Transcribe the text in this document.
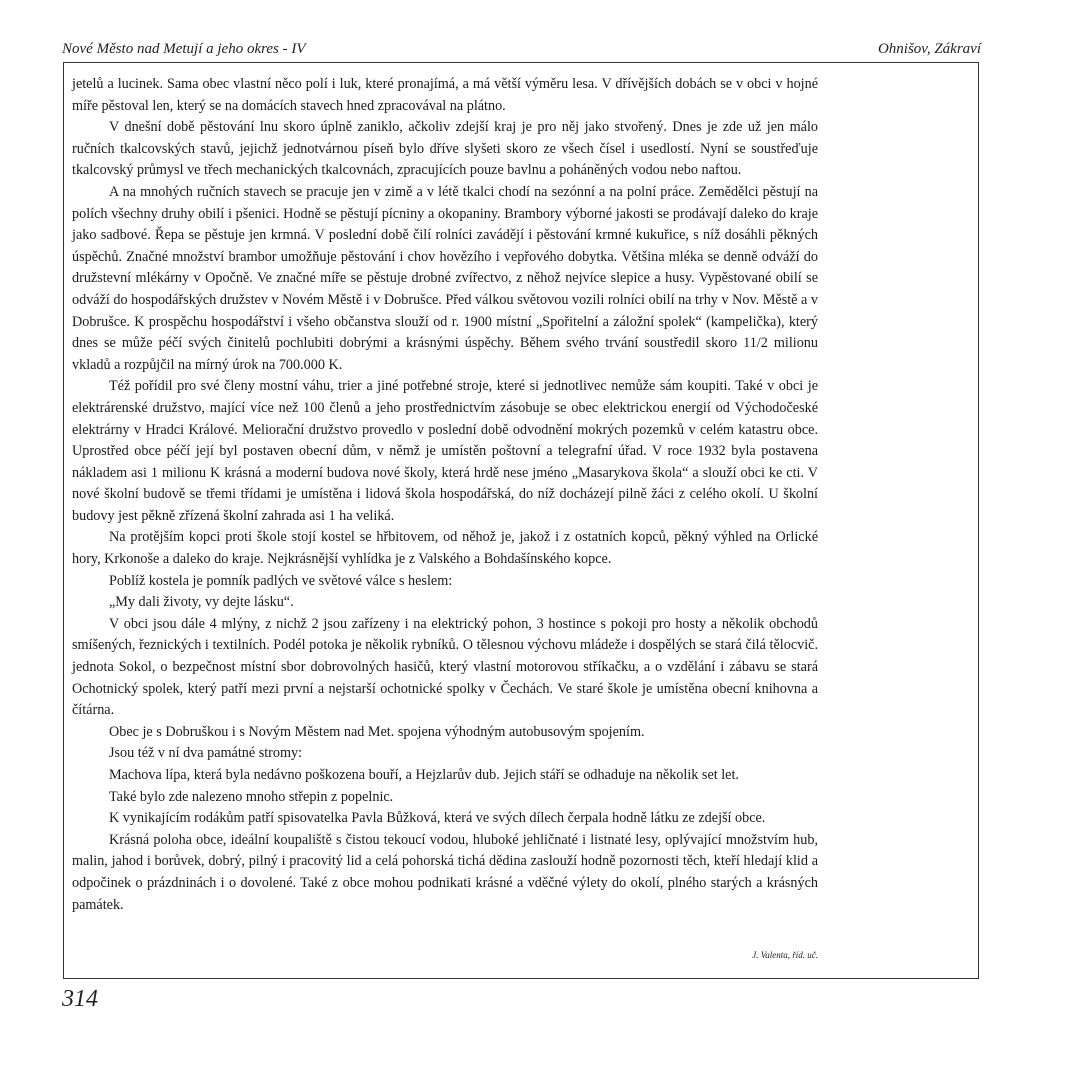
Nové Město nad Metují a jeho okres - IV	Ohnišov, Zákraví

jetelů a lucinek. Sama obec vlastní něco polí i luk, které pronajímá, a má větší výměru lesa. V dřívějších dobách se v obci v hojné míře pěstoval len, který se na domácích stavech hned zpracovával na plátno.

V dnešní době pěstování lnu skoro úplně zaniklo, ačkoliv zdejší kraj je pro něj jako stvořený. Dnes je zde už jen málo ručních tkalcovských stavů, jejichž jednotvárnou píseň bylo dříve slyšeti skoro ze všech čísel i usedlostí. Nyní se soustřeďuje tkalcovský průmysl ve třech mechanických tkalcovnách, zpracujících pouze bavlnu a poháněných vodou nebo naftou.

A na mnohých ručních stavech se pracuje jen v zimě a v létě tkalci chodí na sezónní a na polní práce. Zemědělci pěstují na polích všechny druhy obilí i pšenici. Hodně se pěstují pícniny a okopaniny. Brambory výborné jakosti se prodávají daleko do kraje jako sadbové. Řepa se pěstuje jen krmná. V poslední době čilí rolníci zavádějí i pěstování krmné kukuřice, s níž dosáhli pěkných úspěchů. Značné množství brambor umožňuje pěstování i chov hovězího i vepřového dobytka. Většina mléka se denně odváží do družstevní mlékárny v Opočně. Ve značné míře se pěstuje drobné zvířectvo, z něhož nejvíce slepice a husy. Vypěstované obilí se odváží do hospodářských družstev v Novém Městě i v Dobrušce. Před válkou světovou vozili rolníci obilí na trhy v Nov. Městě a v Dobrušce. K prospěchu hospodářství i všeho občanstva slouží od r. 1900 místní „Spořitelní a záložní spolek“ (kampelička), který dnes se může péčí svých činitelů pochlubiti dobrými a krásnými úspěchy. Během svého trvání soustředil skoro 11/2 milionu vkladů a rozpůjčil na mírný úrok na 700.000 K.

Též pořídil pro své členy mostní váhu, trier a jiné potřebné stroje, které si jednotlivec nemůže sám koupiti. Také v obci je elektrárenské družstvo, mající více než 100 členů a jeho prostřednictvím zásobuje se obec elektrickou energií od Východočeské elektrárny v Hradci Králové. Meliorační družstvo provedlo v poslední době odvodnění mokrých pozemků v celém katastru obce. Uprostřed obce péčí její byl postaven obecní dům, v němž je umístěn poštovní a telegrafní úřad. V roce 1932 byla postavena nákladem asi 1 milionu K krásná a moderní budova nové školy, která hrdě nese jméno „Masarykova škola“ a slouží obci ke cti. V nové školní budově se třemi třídami je umístěna i lidová škola hospodářská, do níž docházejí pilně žáci z celého okolí. U školní budovy jest pěkně zřízená školní zahrada asi 1 ha veliká.

Na protějším kopci proti škole stojí kostel se hřbitovem, od něhož je, jakož i z ostatních kopců, pěkný výhled na Orlické hory, Krkonoše a daleko do kraje. Nejkrásnější vyhlídka je z Valského a Bohdašínského kopce.

Poblíž kostela je pomník padlých ve světové válce s heslem:

„My dali životy, vy dejte lásku“.

V obci jsou dále 4 mlýny, z nichž 2 jsou zařízeny i na elektrický pohon, 3 hostince s pokoji pro hosty a několik obchodů smíšených, řeznických i textilních. Podél potoka je několik rybníků. O tělesnou výchovu mládeže i dospělých se stará čilá tělocvič. jednota Sokol, o bezpečnost místní sbor dobrovolných hasičů, který vlastní motorovou stříkačku, a o vzdělání i zábavu se stará Ochotnický spolek, který patří mezi první a nejstarší ochotnické spolky v Čechách. Ve staré škole je umístěna obecní knihovna a čítárna.

Obec je s Dobruškou i s Novým Městem nad Met. spojena výhodným autobusovým spojením.

Jsou též v ní dva památné stromy:

Machova lípa, která byla nedávno poškozena bouří, a Hejzlarův dub. Jejich stáří se odhaduje na několik set let.

Také bylo zde nalezeno mnoho střepin z popelnic.

K vynikajícím rodákům patří spisovatelka Pavla Bůžková, která ve svých dílech čerpala hodně látku ze zdejší obce.

Krásná poloha obce, ideální koupaliště s čistou tekoucí vodou, hluboké jehličnaté i listnaté lesy, oplývající množstvím hub, malin, jahod i borůvek, dobrý, pilný i pracovitý lid a celá pohorská tichá dědina zaslouží hodně pozornosti těch, kteří hledají klid a odpočinek o prázdninách i o dovolené. Také z obce mohou podnikati krásné a vděčné výlety do okolí, plného starých a krásných památek.

J. Valenta, říd. uč.
314
